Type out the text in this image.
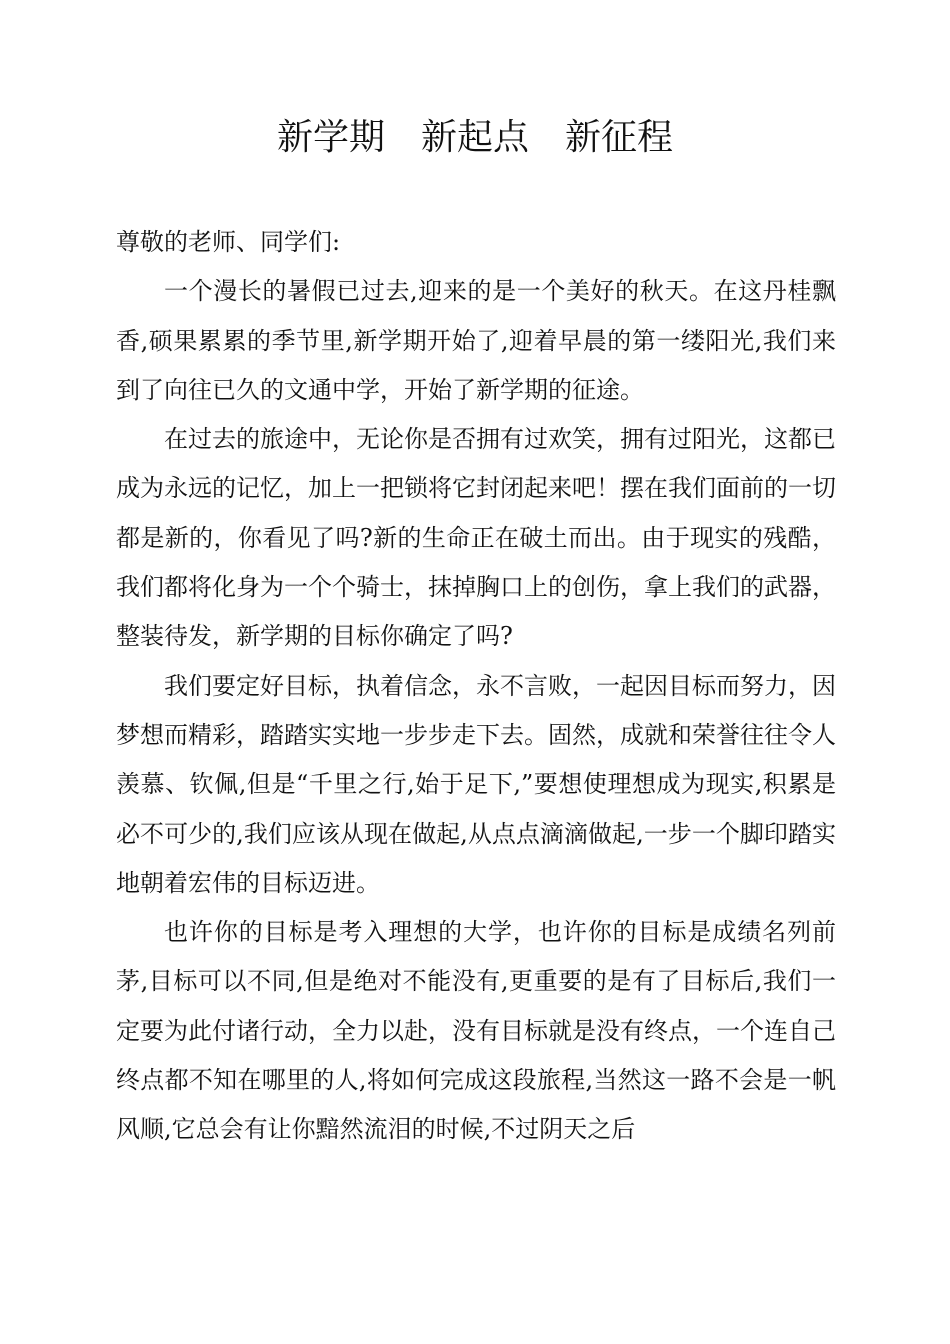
新学期　新起点　新征程

尊敬的老师、同学们:

一个漫长的暑假已过去,迎来的是一个美好的秋天。在这丹桂飘香,硕果累累的季节里,新学期开始了,迎着早晨的第一缕阳光,我们来到了向往已久的文通中学，开始了新学期的征途。

在过去的旅途中，无论你是否拥有过欢笑，拥有过阳光，这都已成为永远的记忆，加上一把锁将它封闭起来吧！摆在我们面前的一切都是新的，你看见了吗?新的生命正在破土而出。由于现实的残酷，我们都将化身为一个个骑士，抹掉胸口上的创伤，拿上我们的武器，整装待发，新学期的目标你确定了吗?

我们要定好目标，执着信念，永不言败，一起因目标而努力，因梦想而精彩，踏踏实实地一步步走下去。固然，成就和荣誉往往令人羡慕、钦佩,但是“千里之行,始于足下,”要想使理想成为现实,积累是必不可少的,我们应该从现在做起,从点点滴滴做起,一步一个脚印踏实地朝着宏伟的目标迈进。

也许你的目标是考入理想的大学，也许你的目标是成绩名列前茅,目标可以不同,但是绝对不能没有,更重要的是有了目标后,我们一定要为此付诸行动，全力以赴，没有目标就是没有终点，一个连自己终点都不知在哪里的人,将如何完成这段旅程,当然这一路不会是一帆风顺,它总会有让你黯然流泪的时候,不过阴天之后
